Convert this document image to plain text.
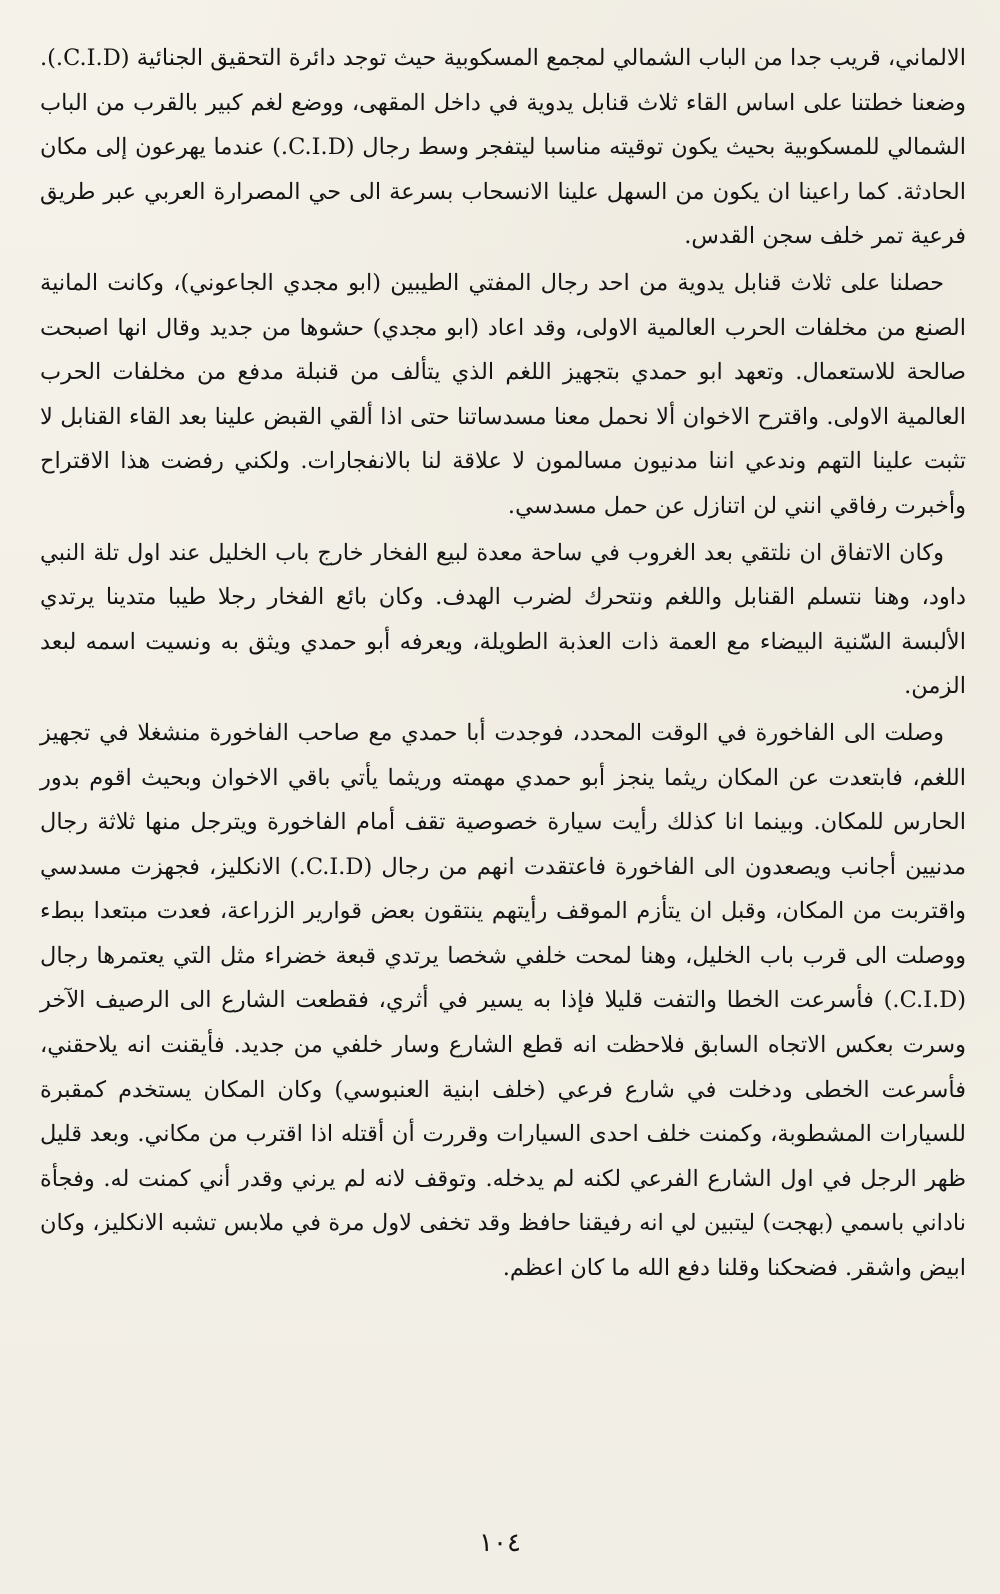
الالماني، قريب جدا من الباب الشمالي لمجمع المسكوبية حيث توجد دائرة التحقيق الجنائية (C.I.D.). وضعنا خطتنا على اساس القاء ثلاث قنابل يدوية في داخل المقهى، ووضع لغم كبير بالقرب من الباب الشمالي للمسكوبية بحيث يكون توقيته مناسبا ليتفجر وسط رجال (C.I.D.) عندما يهرعون إلى مكان الحادثة. كما راعينا ان يكون من السهل علينا الانسحاب بسرعة الى حي المصرارة العربي عبر طريق فرعية تمر خلف سجن القدس.

حصلنا على ثلاث قنابل يدوية من احد رجال المفتي الطيبين (ابو مجدي الجاعوني)، وكانت المانية الصنع من مخلفات الحرب العالمية الاولى، وقد اعاد (ابو مجدي) حشوها من جديد وقال انها اصبحت صالحة للاستعمال. وتعهد ابو حمدي بتجهيز اللغم الذي يتألف من قنبلة مدفع من مخلفات الحرب العالمية الاولى. واقترح الاخوان ألا نحمل معنا مسدساتنا حتى اذا ألقي القبض علينا بعد القاء القنابل لا تثبت علينا التهم وندعي اننا مدنيون مسالمون لا علاقة لنا بالانفجارات. ولكني رفضت هذا الاقتراح وأخبرت رفاقي انني لن اتنازل عن حمل مسدسي.

وكان الاتفاق ان نلتقي بعد الغروب في ساحة معدة لبيع الفخار خارج باب الخليل عند اول تلة النبي داود، وهنا نتسلم القنابل واللغم ونتحرك لضرب الهدف. وكان بائع الفخار رجلا طيبا متدينا يرتدي الألبسة السّنية البيضاء مع العمة ذات العذبة الطويلة، ويعرفه أبو حمدي ويثق به ونسيت اسمه لبعد الزمن.

وصلت الى الفاخورة في الوقت المحدد، فوجدت أبا حمدي مع صاحب الفاخورة منشغلا في تجهيز اللغم، فابتعدت عن المكان ريثما ينجز أبو حمدي مهمته وريثما يأتي باقي الاخوان وبحيث اقوم بدور الحارس للمكان. وبينما انا كذلك رأيت سيارة خصوصية تقف أمام الفاخورة ويترجل منها ثلاثة رجال مدنيين أجانب ويصعدون الى الفاخورة فاعتقدت انهم من رجال (C.I.D.) الانكليز، فجهزت مسدسي واقتربت من المكان، وقبل ان يتأزم الموقف رأيتهم ينتقون بعض قوارير الزراعة، فعدت مبتعدا ببطء ووصلت الى قرب باب الخليل، وهنا لمحت خلفي شخصا يرتدي قبعة خضراء مثل التي يعتمرها رجال (C.I.D.) فأسرعت الخطا والتفت قليلا فإذا به يسير في أثري، فقطعت الشارع الى الرصيف الآخر وسرت بعكس الاتجاه السابق فلاحظت انه قطع الشارع وسار خلفي من جديد. فأيقنت انه يلاحقني، فأسرعت الخطى ودخلت في شارع فرعي (خلف ابنية العنبوسي) وكان المكان يستخدم كمقبرة للسيارات المشطوبة، وكمنت خلف احدى السيارات وقررت أن أقتله اذا اقترب من مكاني. وبعد قليل ظهر الرجل في اول الشارع الفرعي لكنه لم يدخله. وتوقف لانه لم يرني وقدر أني كمنت له. وفجأة ناداني باسمي (بهجت) ليتبين لي انه رفيقنا حافظ وقد تخفى لاول مرة في ملابس تشبه الانكليز، وكان ابيض واشقر. فضحكنا وقلنا دفع الله ما كان اعظم.

١٠٤
